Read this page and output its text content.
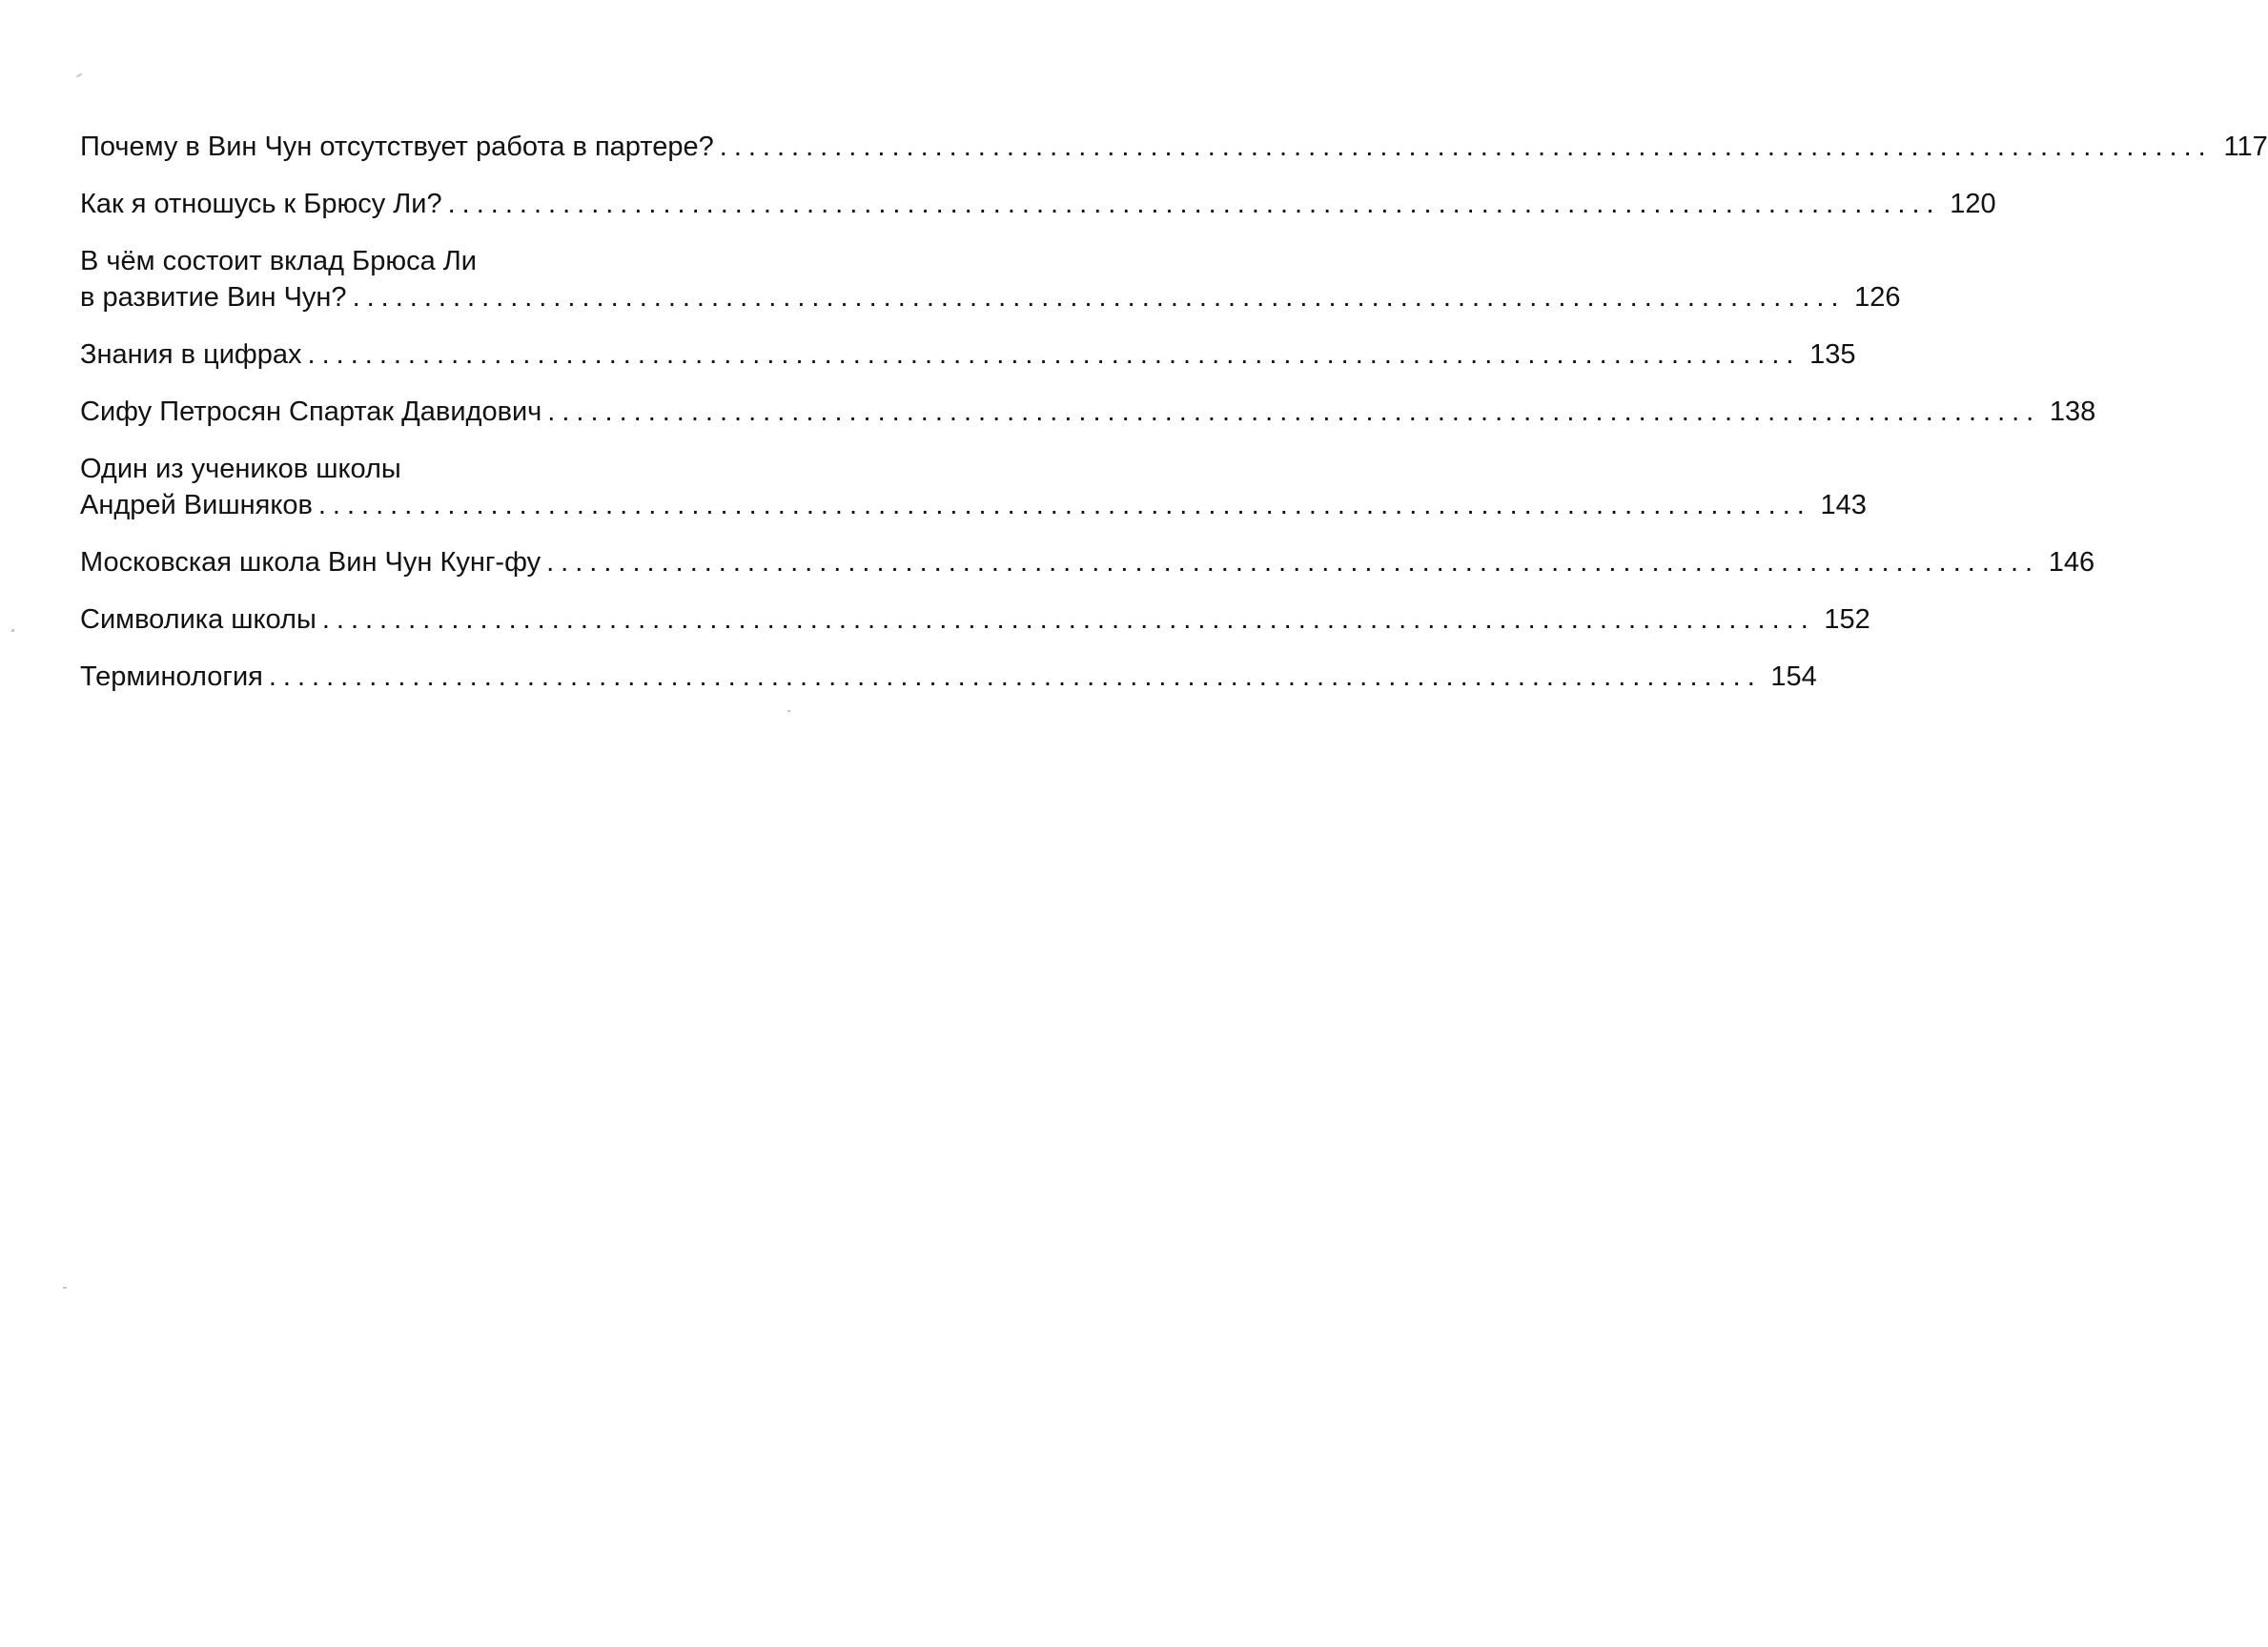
Почему в Вин Чун отсутствует работа в партере? ........................................................................................................ 117
Как я отношусь к Брюсу Ли? ........................................................................................................ 120
В чём состоит вклад Брюса Ли
в развитие Вин Чун? ........................................................................................................ 126
Знания в цифрах ........................................................................................................ 135
Сифу Петросян Спартак Давидович ........................................................................................................ 138
Один из учеников школы
Андрей Вишняков ........................................................................................................ 143
Московская школа Вин Чун Кунг-фу ........................................................................................................ 146
Символика школы ........................................................................................................ 152
Терминология ........................................................................................................ 154
